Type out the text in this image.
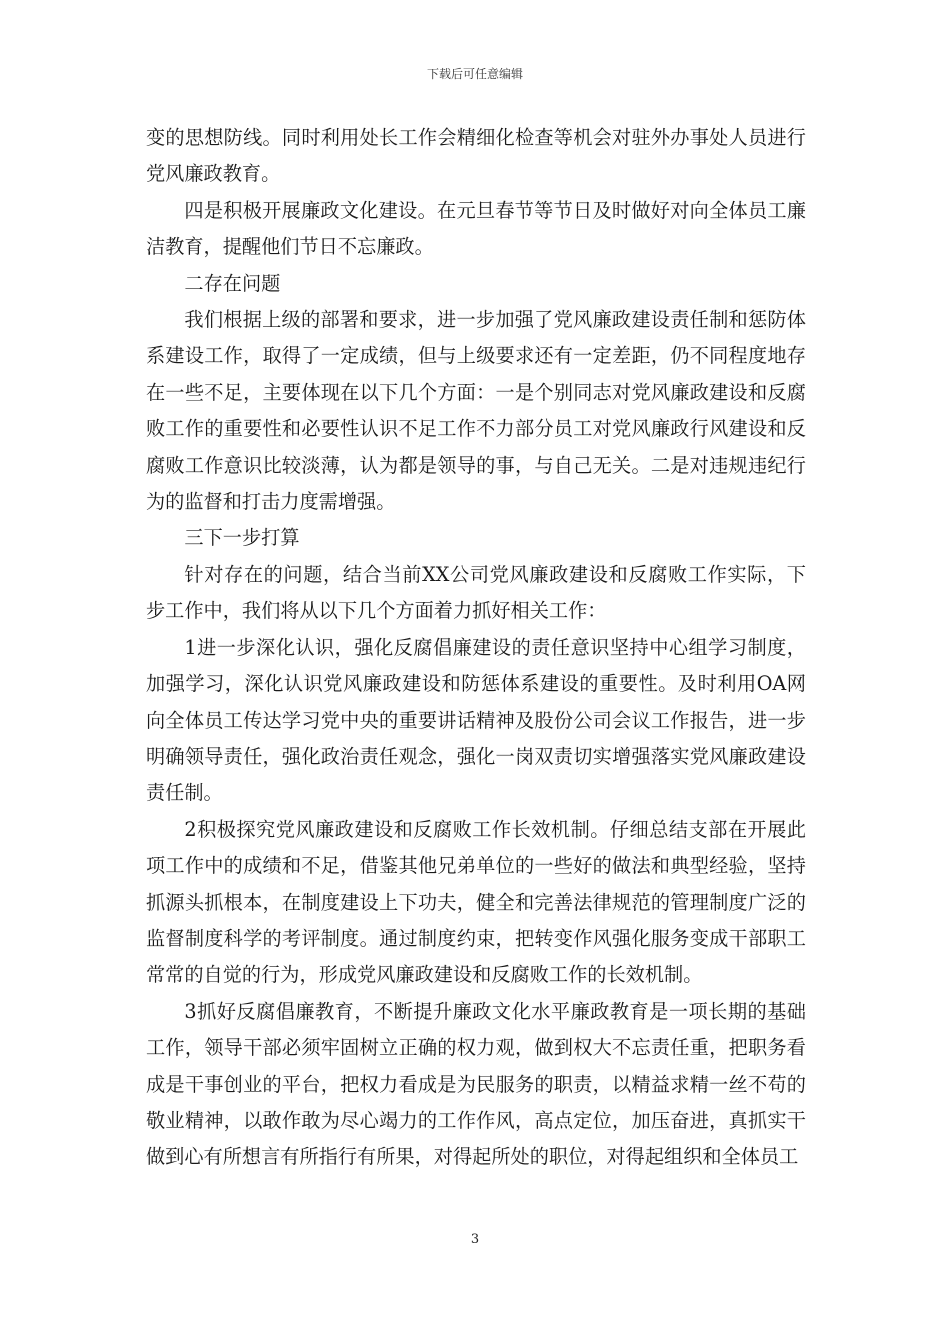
下载后可任意编辑

变的思想防线。同时利用处长工作会精细化检查等机会对驻外办事处人员进行党风廉政教育。

四是积极开展廉政文化建设。在元旦春节等节日及时做好对向全体员工廉洁教育，提醒他们节日不忘廉政。

二存在问题

我们根据上级的部署和要求，进一步加强了党风廉政建设责任制和惩防体系建设工作，取得了一定成绩，但与上级要求还有一定差距，仍不同程度地存在一些不足，主要体现在以下几个方面：一是个别同志对党风廉政建设和反腐败工作的重要性和必要性认识不足工作不力部分员工对党风廉政行风建设和反腐败工作意识比较淡薄，认为都是领导的事，与自己无关。二是对违规违纪行为的监督和打击力度需增强。

三下一步打算

针对存在的问题，结合当前XX公司党风廉政建设和反腐败工作实际，下步工作中，我们将从以下几个方面着力抓好相关工作：

1进一步深化认识，强化反腐倡廉建设的责任意识坚持中心组学习制度，加强学习，深化认识党风廉政建设和防惩体系建设的重要性。及时利用OA网向全体员工传达学习党中央的重要讲话精神及股份公司会议工作报告，进一步明确领导责任，强化政治责任观念，强化一岗双责切实增强落实党风廉政建设责任制。

2积极探究党风廉政建设和反腐败工作长效机制。仔细总结支部在开展此项工作中的成绩和不足，借鉴其他兄弟单位的一些好的做法和典型经验，坚持抓源头抓根本，在制度建设上下功夫，健全和完善法律规范的管理制度广泛的监督制度科学的考评制度。通过制度约束，把转变作风强化服务变成干部职工常常的自觉的行为，形成党风廉政建设和反腐败工作的长效机制。

3抓好反腐倡廉教育，不断提升廉政文化水平廉政教育是一项长期的基础工作，领导干部必须牢固树立正确的权力观，做到权大不忘责任重，把职务看成是干事创业的平台，把权力看成是为民服务的职责，以精益求精一丝不苟的敬业精神，以敢作敢为尽心竭力的工作作风，高点定位，加压奋进，真抓实干做到心有所想言有所指行有所果，对得起所处的职位，对得起组织和全体员工

3
